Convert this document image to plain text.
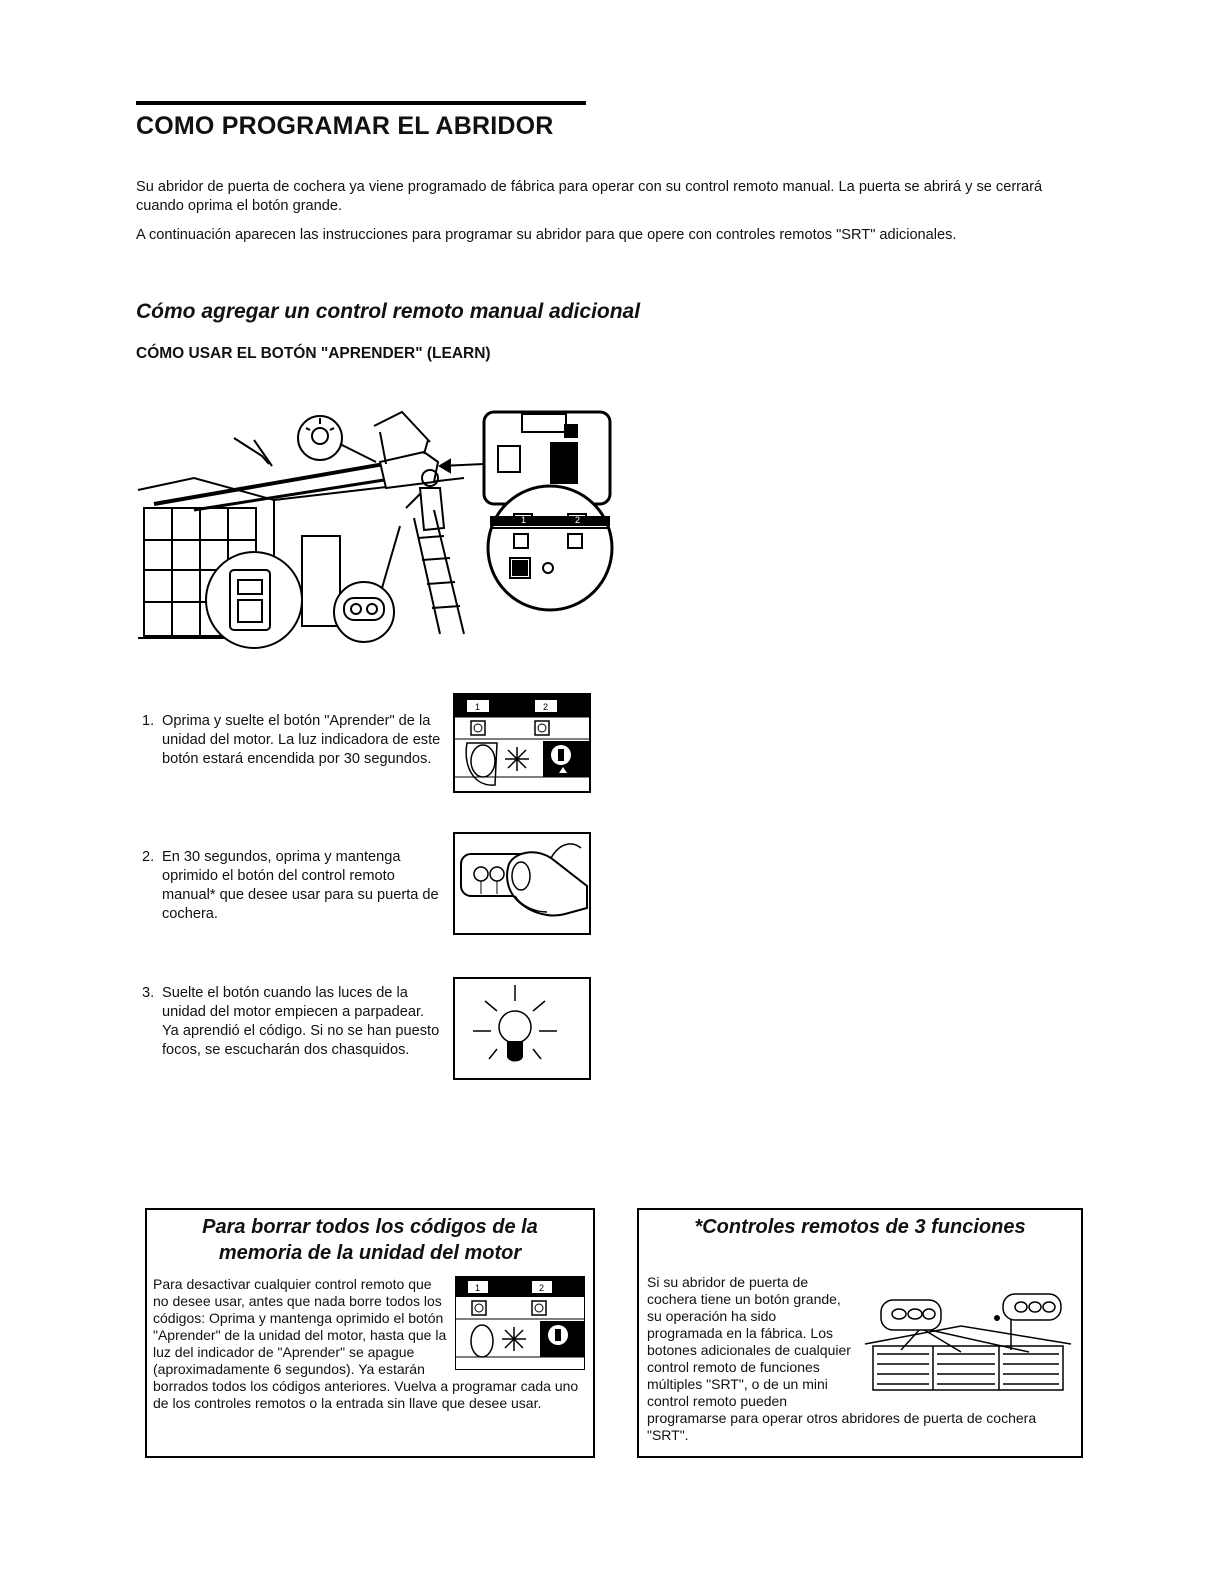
COMO PROGRAMAR EL ABRIDOR
Su abridor de puerta de cochera ya viene programado de fábrica para operar con su control remoto manual. La puerta se abrirá y se cerrará cuando oprima el botón grande.
A continuación aparecen las instrucciones para programar su abridor para que opere con controles remotos "SRT" adicionales.
Cómo agregar un control remoto manual adicional
CÓMO USAR EL BOTÓN "APRENDER" (LEARN)
1	2
1. Oprima y suelte el botón "Aprender" de la unidad del motor. La luz indicadora de este botón estará encendida por 30 segundos.
2. En 30 segundos, oprima y mantenga oprimido el botón del control remoto manual* que desee usar para su puerta de cochera.
3. Suelte el botón cuando las luces de la unidad del motor empiecen a parpadear. Ya aprendió el código. Si no se han puesto focos, se escucharán dos chasquidos.
1	2
Para borrar todos los códigos de la memoria de la unidad del motor
1	2
Para desactivar cualquier control remoto que no desee usar, antes que nada borre todos los códigos: Oprima y mantenga oprimido el botón "Aprender" de la unidad del motor, hasta que la luz del indicador de "Aprender" se apague (aproximadamente 6 segundos). Ya estarán borrados todos los códigos anteriores. Vuelva a programar cada uno de los controles remotos o la entrada sin llave que desee usar.
*Controles remotos de 3 funciones
Si su abridor de puerta de cochera tiene un botón grande, su operación ha sido programada en la fábrica. Los botones adicionales de cualquier control remoto de funciones múltiples "SRT", o de un mini control remoto pueden programarse para operar otros abridores de puerta de cochera "SRT".
